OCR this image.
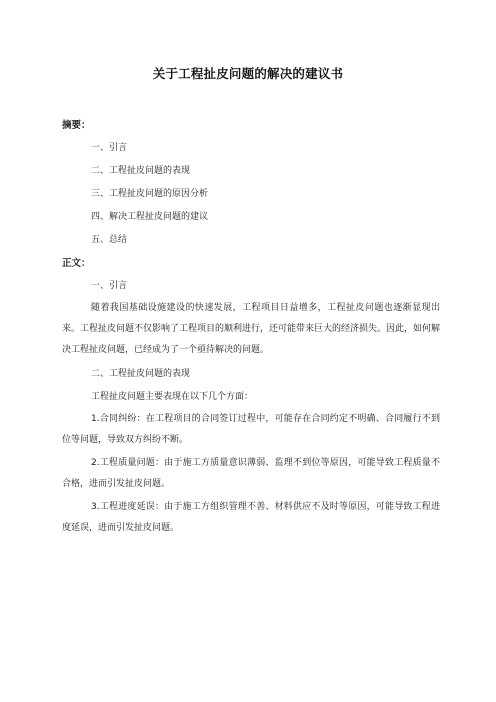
关于工程扯皮问题的解决的建议书

摘要：

一、引言

二、工程扯皮问题的表现

三、工程扯皮问题的原因分析

四、解决工程扯皮问题的建议

五、总结

正文：

一、引言

随着我国基础设施建设的快速发展，工程项目日益增多，工程扯皮问题也逐渐显现出来。工程扯皮问题不仅影响了工程项目的顺利进行，还可能带来巨大的经济损失。因此，如何解决工程扯皮问题，已经成为了一个亟待解决的问题。

二、工程扯皮问题的表现

工程扯皮问题主要表现在以下几个方面：

1.合同纠纷：在工程项目的合同签订过程中，可能存在合同约定不明确、合同履行不到位等问题，导致双方纠纷不断。

2.工程质量问题：由于施工方质量意识薄弱、监理不到位等原因，可能导致工程质量不合格，进而引发扯皮问题。

3.工程进度延误：由于施工方组织管理不善、材料供应不及时等原因，可能导致工程进度延误，进而引发扯皮问题。
